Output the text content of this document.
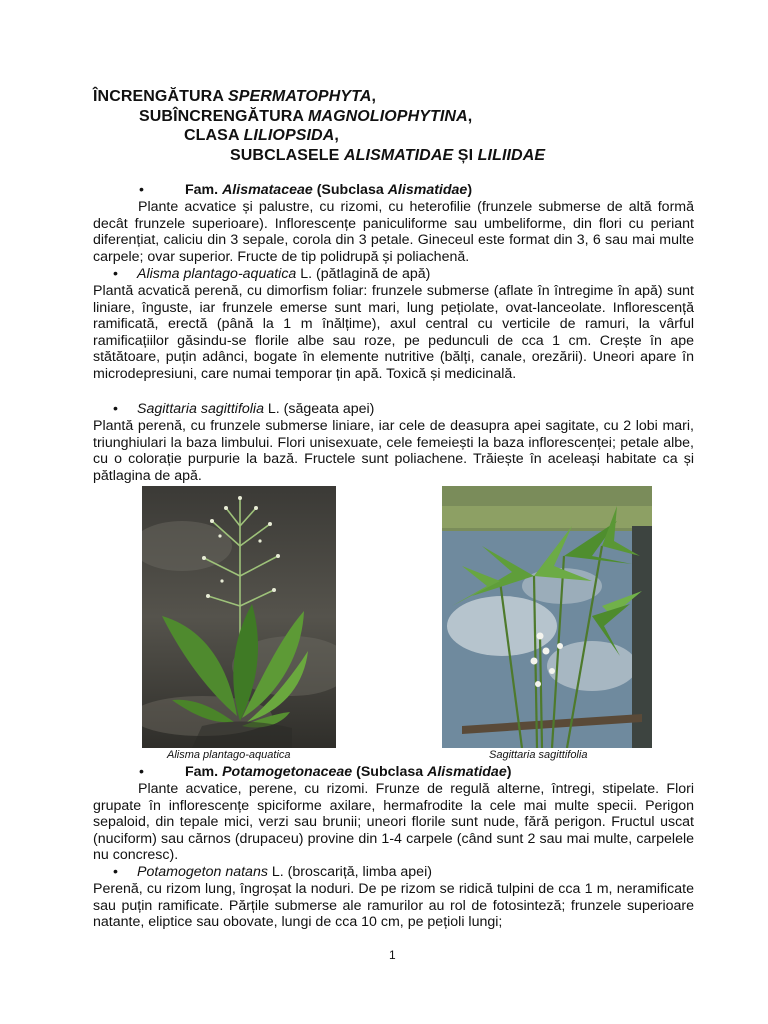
ÎNCRENGĂTURA SPERMATOPHYTA,
SUBÎNCRENGĂTURA MAGNOLIOPHYTINA,
CLASA LILIOPSIDA,
SUBCLASELE ALISMATIDAE ȘI LILIIDAE
•	Fam. Alismataceae (Subclasa Alismatidae)
Plante acvatice și palustre, cu rizomi, cu heterofilie (frunzele submerse de altă formă decât frunzele superioare). Inflorescențe paniculiforme sau umbeliforme, din flori cu periant diferențiat, caliciu din 3 sepale, corola din 3 petale. Gineceul este format din 3, 6 sau mai multe carpele; ovar superior. Fructe de tip polidrupă și poliachenă.
• Alisma plantago-aquatica L. (pătlagină de apă)
Plantă acvatică perenă, cu dimorfism foliar: frunzele submerse (aflate în întregime în apă) sunt liniare, înguste, iar frunzele emerse sunt mari, lung pețiolate, ovat-lanceolate. Inflorescență ramificată, erectă (până la 1 m înălțime), axul central cu verticile de ramuri, la vârful ramificațiilor găsindu-se florile albe sau roze, pe pedunculi de cca 1 cm. Crește în ape stătătoare, puțin adânci, bogate în elemente nutritive (bălți, canale, orezării). Uneori apare în microdepresiuni, care numai temporar țin apă. Toxică și medicinală.
• Sagittaria sagittifolia L. (săgeata apei)
Plantă perenă, cu frunzele submerse liniare, iar cele de deasupra apei sagitate, cu 2 lobi mari, triunghiulari la baza limbului. Flori unisexuate, cele femeiești la baza inflorescenței; petale albe, cu o colorație purpurie la bază. Fructele sunt poliachene. Trăiește în aceleași habitate ca și pătlagina de apă.
Alisma plantago-aquatica	Sagittaria sagittifolia
•	Fam. Potamogetonaceae (Subclasa Alismatidae)
Plante acvatice, perene, cu rizomi. Frunze de regulă alterne, întregi, stipelate. Flori grupate în inflorescențe spiciforme axilare, hermafrodite la cele mai multe specii. Perigon sepaloid, din tepale mici, verzi sau brunii; uneori florile sunt nude, fără perigon. Fructul uscat (nuciform) sau cărnos (drupaceu) provine din 1-4 carpele (când sunt 2 sau mai multe, carpelele nu concresc).
• Potamogeton natans L. (broscariță, limba apei)
Perenă, cu rizom lung, îngroșat la noduri. De pe rizom se ridică tulpini de cca 1 m, neramificate sau puțin ramificate. Părțile submerse ale ramurilor au rol de fotosinteză; frunzele superioare natante, eliptice sau obovate, lungi de cca 10 cm, pe pețioli lungi;
1
